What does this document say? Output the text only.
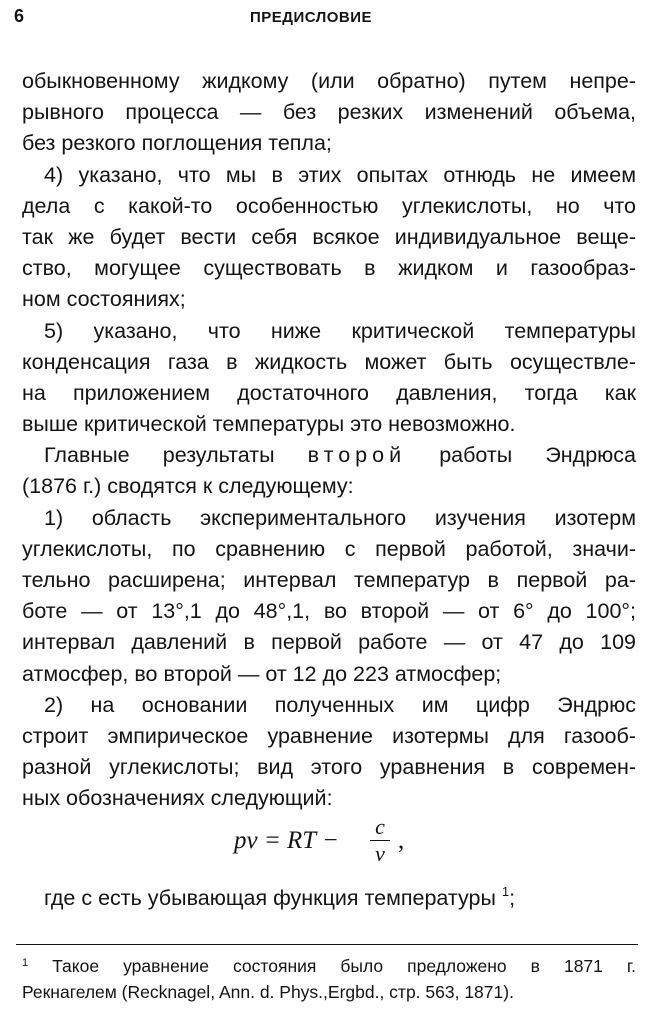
6	ПРЕДИСЛОВИЕ
обыкновенному жидкому (или обратно) путем непре-
рывного процесса — без резких изменений объема,
без резкого поглощения тепла;
4) указано, что мы в этих опытах отнюдь не имеем
дела с какой-то особенностью углекислоты, но что
так же будет вести себя всякое индивидуальное веще-
ство, могущее существовать в жидком и газообраз-
ном состояниях;
5) указано, что ниже критической температуры
конденсация газа в жидкость может быть осуществле-
на приложением достаточного давления, тогда как
выше критической температуры это невозможно.
Главные результаты второй работы Эндрюса
(1876 г.) сводятся к следующему:
1) область экспериментального изучения изотерм
углекислоты, по сравнению с первой работой, значи-
тельно расширена; интервал температур в первой ра-
боте — от 13°,1 до 48°,1, во второй — от 6° до 100°;
интервал давлений в первой работе — от 47 до 109
атмосфер, во второй — от 12 до 223 атмосфер;
2) на основании полученных им цифр Эндрюс
строит эмпирическое уравнение изотермы для газооб-
разной углекислоты; вид этого уравнения в современ-
ных обозначениях следующий:
pv = RT −
c
v ,
где c есть убывающая функция температуры $^1$;
$^1$ Такое уравнение состояния было предложено в 1871 г.
Рекнагелем (Recknagel, Ann. d. Phys.,Ergbd., стр. 563, 1871).
